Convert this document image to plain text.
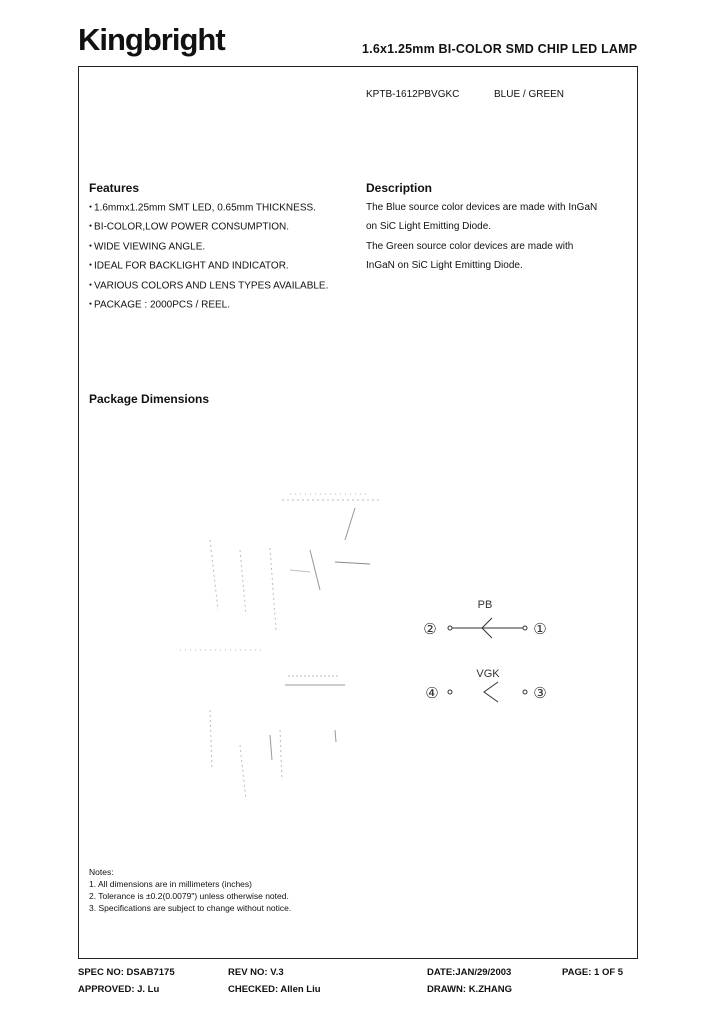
Kingbright	1.6x1.25mm BI-COLOR SMD CHIP LED LAMP
KPTB-1612PBVGKC	BLUE / GREEN
Features
● 1.6mmx1.25mm SMT LED, 0.65mm THICKNESS.
● BI-COLOR,LOW POWER CONSUMPTION.
● WIDE VIEWING ANGLE.
● IDEAL FOR BACKLIGHT AND INDICATOR.
● VARIOUS COLORS AND LENS TYPES AVAILABLE.
● PACKAGE : 2000PCS / REEL.
Description
The Blue source color devices are made with InGaN
on SiC Light Emitting Diode.
The Green source color devices are made with
InGaN on SiC Light Emitting Diode.
Package Dimensions
PB
②	①
VGK
④	③
Notes:
1. All dimensions are in millimeters (inches)
2. Tolerance is ±0.2(0.0079") unless otherwise noted.
3. Specifications are subject to change without notice.
SPEC NO: DSAB7175	REV NO: V.3	DATE:JAN/29/2003	PAGE: 1 OF 5
APPROVED: J. Lu	CHECKED: Allen Liu	DRAWN: K.ZHANG
